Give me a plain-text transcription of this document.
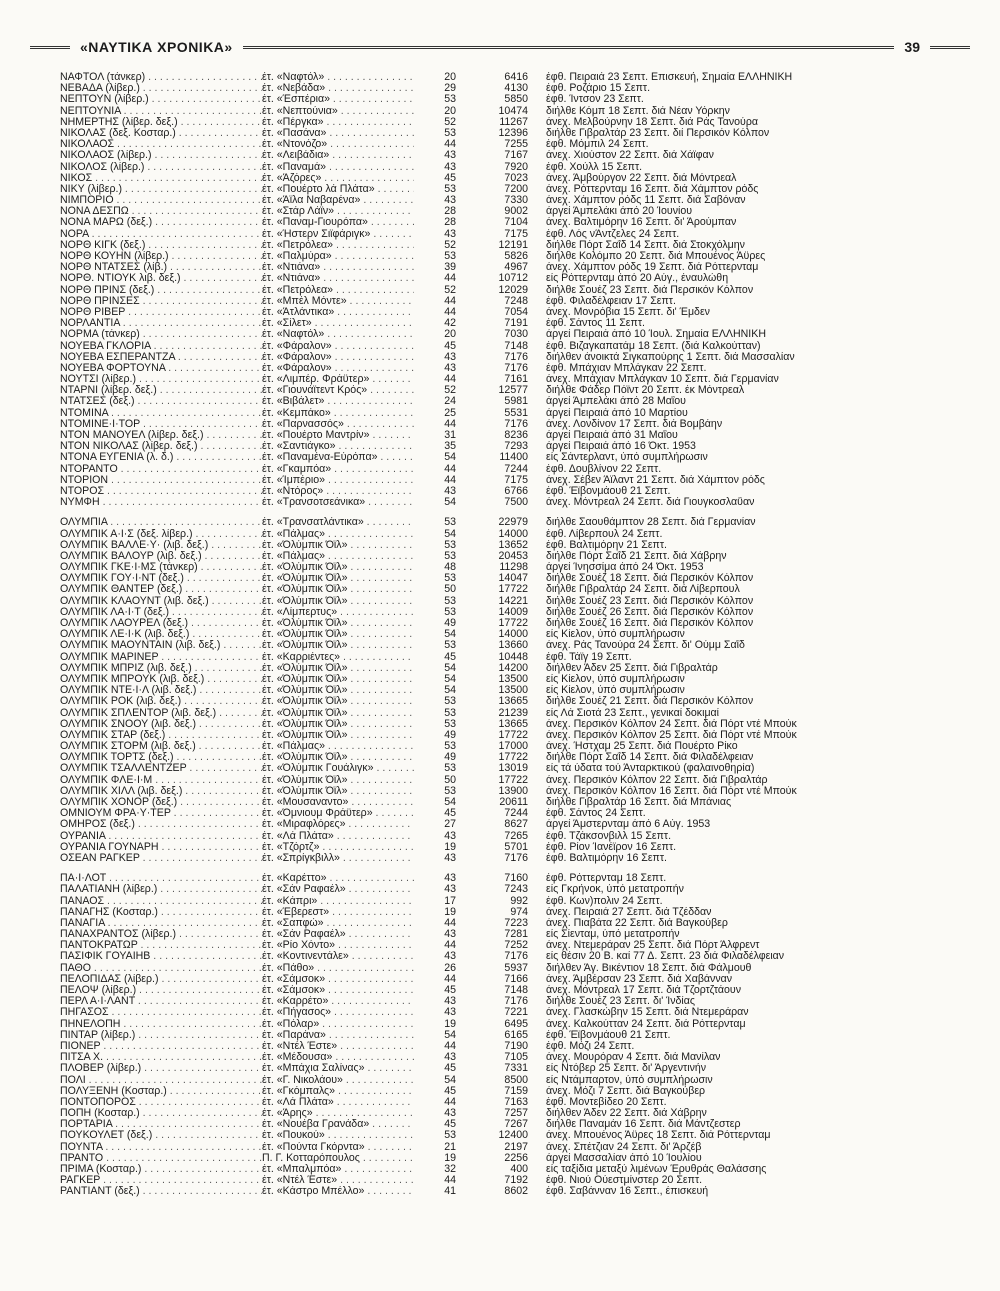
«ΝΑΥΤΙΚΑ ΧΡΟΝΙΚΑ»	39
ΝΑΦΤΟΛ (τάνκερ) . . .	έτ. «Ναφτόλ» . . .	20	6416	έφθ. Πειραιά 23 Σεπτ. Επισκευή, Σημαία ΕΛΛΗΝΙΚΗ
ΝΕΒΑΔΑ (λίβερ.) . . .	έτ. «Νεβάδα» . . .	29	4130	έφθ. Ροζάριο 15 Σεπτ.
ΝΕΠΤΟΥΝ (λίβερ.) . . .	έτ. «Έσπέρια» . . .	53	5850	έφθ. Ίντσον 23 Σεπτ.
ΝΕΠΤΟΥΝΙΑ . . .	έτ. «Νεπτούνια» . . .	20	10474	διήλθε Κόμπ 18 Σεπτ. διά Νέαν Υόρκην
ΝΗΜΕΡΤΗΣ (λίβερ. δεξ.) . . .	έτ. «Πέργκα» . . .	52	11267	άνεχ. Μελβούρνην 18 Σεπτ. διά Ράς Τανούρα
ΝΙΚΟΛΑΣ (δεξ. Κοσταρ.) . . .	έτ. «Πασάνα» . . .	53	12396	διήλθε Γιβραλτάρ 23 Σεπτ. διί Περσικόν Κόλπον
ΝΙΚΟΛΑΟΣ . . .	έτ. «Ντονόζο» . . .	44	7255	έφθ. Μόμπιλ 24 Σεπτ.
ΝΙΚΟΛΑΟΣ (λίβερ.) . . .	έτ. «Λειβάδια» . . .	43	7167	άνεχ. Χιούστον 22 Σεπτ. διά Χάϊφαν
ΝΙΚΟΛΟΣ (λίβερ.) . . .	έτ. «Παναμά» . . .	43	7920	έφθ. Χούλλ 15 Σεπτ.
ΝΙΚΟΣ . . .	έτ. «Άζόρες» . . .	45	7023	άνεχ. Άμβούργον 22 Σεπτ. διά Μόντρεαλ
ΝΙΚΥ (λίβερ.) . . .	έτ. «Πουέρτο λά Πλάτα» . . .	53	7200	άνεχ. Ρόττερνταμ 16 Σεπτ. διά Χάμπτον ρόδς
ΝΙΜΠΟΡΙΟ . . .	έτ. «Άϊλα Ναβαρένα» . . .	43	7330	άνεχ. Χάμπτον ρόδς 11 Σεπτ. διά Σαβόναν
ΝΟΝΑ ΔΕΣΠΩ . . .	έτ. «Στάρ Λάϊν» . . .	28	9002	άργεί Άμπελάκι άπό 20 Ίουνίου
ΝΟΝΑ ΜΑΡΩ (δεξ.) . . .	έτ. «Παναμ-Γιουρόπα» . . .	28	7104	άνεχ. Βαλτιμόρην 16 Σεπτ. δι' Άρούμπαν
ΝΟΡΑ . . .	έτ. «Ήστερν Σιϊφάριγκ» . . .	43	7175	έφθ. Λός νΆντζελες 24 Σεπτ.
ΝΟΡΘ ΚΙΓΚ (δεξ.) . . .	έτ. «Πετρόλεα» . . .	52	12191	διήλθε Πόρτ Σαΐδ 14 Σεπτ. διά Στοκχόλμην
ΝΟΡΘ ΚΟΥΗΝ (λίβερ.) . . .	έτ. «Παλμύρα» . . .	53	5826	διήλθε Κολόμπο 20 Σεπτ. διά Μπουένος Άϋρες
ΝΟΡΘ ΝΤΑΤΣΕΣ (λίβ.) . . .	έτ. «Ντιάνα» . . .	39	4967	άνεχ. Χάμπτον ρόδς 19 Σεπτ. διά Ρόττερνταμ
ΝΟΡΘ. ΝΤΙΟΥΚ λιβ. δεξ.) . . .	έτ. «Ντιάνα» . . .	44	10712	είς Ρόττερνταμ άπό 20 Αύγ., έναυλώθη
ΝΟΡΘ ΠΡΙΝΣ (δεξ.) . . .	έτ. «Πετρόλεα» . . .	52	12029	διήλθε Σουέζ 23 Σεπτ. διά Περσικόν Κόλπον
ΝΟΡΘ ΠΡΙΝΣΕΣ . . .	έτ. «Μπέλ Μόντε» . . .	44	7248	έφθ. Φιλαδέλφειαν 17 Σεπτ.
ΝΟΡΘ ΡΙΒΕΡ . . .	έτ. «Άτλάντικα» . . .	44	7054	άνεχ. Μονρόβια 15 Σεπτ. δι' Έμδεν
ΝΟΡΛΑΝΤΙΑ . . .	έτ. «Σίλετ» . . .	42	7191	έφθ. Σάντος 11 Σεπτ.
ΝΟΡΜΑ (τάνκερ) . . .	έτ. «Ναφτόλ» . . .	20	7030	άργεί Πειραιά άπό 10 Ίουλ. Σημαία ΕΛΛΗΝΙΚΗ
ΝΟΥΕΒΑ ΓΚΛΟΡΙΑ . . .	έτ. «Φάραλον» . . .	45	7148	έφθ. Βιζαγκαπατάμ 18 Σεπτ. (διά Καλκούτταν)
ΝΟΥΕΒΑ ΕΣΠΕΡΑΝΤΖΑ . . .	έτ. «Φάραλον» . . .	43	7176	διήλθεν άνοικτά Σιγκαπούρης 1 Σεπτ. διά Μασσαλίαν
ΝΟΥΕΒΑ ΦΟΡΤΟΥΝΑ . . .	έτ. «Φάραλον» . . .	43	7176	έφθ. Μπάχιαν Μπλάγκαν 22 Σεπτ.
ΝΟΥΤΣΙ (λίβερ.) . . .	έτ. «Λιμπέρ. Φράϋτερ» . . .	44	7161	άνεχ. Μπάχιαν Μπλάγκαν 10 Σεπτ. διά Γερμανίαν
ΝΤΑΡΝΙ (λίβερ. δεξ.) . . .	έτ. «Γιουνάϊτεντ Κρός» . . .	52	12577	διήλθε Φάδερ Πόϊντ 20 Σεπτ. έκ Μόντρεαλ
ΝΤΑΤΣΕΣ (δεξ.) . . .	έτ. «Βιβάλετ» . . .	24	5981	άργεί Άμπελάκι άπό 28 Μαΐου
ΝΤΟΜΙΝΑ . . .	έτ. «Κεμπάκο» . . .	25	5531	άργεί Πειραιά άπό 10 Μαρτίου
ΝΤΟΜΙΝΕ·Ι·ΤΟΡ . . .	έτ. «Παρνασσός» . . .	44	7176	άνεχ. Λονδίνον 17 Σεπτ. διά Βομβάην
ΝΤΟΝ ΜΑΝΟΥΕΛ (λίβερ. δεξ.) . . .	έτ. «Πουέρτο Μαντρίν» . . .	31	8236	άργεί Πειραιά άπό 31 Μαΐου
ΝΤΟΝ ΝΙΚΟΛΑΣ (λίβερ. δεξ.) . . .	έτ. «Σαντιάγκο» . . .	35	7293	άργεί Πειραιά άπό 16 Όκτ. 1953
ΝΤΟΝΑ ΕΥΓΕΝΙΑ (λ. δ.) . . .	έτ. «Παναμένα-Εύρόπα» . . .	54	11400	είς Σάντερλαντ, ύπό συμπλήρωσιν
ΝΤΟΡΑΝΤΟ . . .	έτ. «Γκαμπόα» . . .	44	7244	έφθ. Δουβλίνον 22 Σεπτ.
ΝΤΟΡΙΟΝ . . .	έτ. «Ίμπέριο» . . .	44	7175	άνεχ. Σέβεν Άϊλαντ 21 Σεπτ. διά Χάμπτον ρόδς
ΝΤΟΡΟΣ . . .	έτ. «Ντόρος» . . .	43	6766	έφθ. Έϊβονμάουθ 21 Σεπτ.
ΝΥΜΦΗ . . .	έτ. «Τρανσοτσεάνικα» . . .	54	7500	άνεχ. Μόντρεαλ 24 Σεπτ. διά Γιουγκοσλαΰαν
ΟΛΥΜΠΙΑ . . .	έτ. «Τρανσατλάντικα» . . .	53	22979	διήλθε Σαουθάμπτον 28 Σεπτ. διά Γερμανίαν
ΟΛΥΜΠΙΚ Α·Ι·Σ (δεξ. λίβερ.) . . .	έτ. «Πάλμας» . . .	54	14000	έφθ. Λίβερπουλ 24 Σεπτ.
ΟΛΥΜΠΙΚ ΒΑΛΛΕ·Υ· (λιβ. δεξ.) . . .	έτ. «Όλύμπικ Όϊλ» . . .	53	13652	έφθ. Βαλτιμόρην 21 Σεπτ.
ΟΛΥΜΠΙΚ ΒΑΛΟΥΡ (λιβ. δεξ.) . . .	έτ. «Πάλμας» . . .	53	20453	διήλθε Πόρτ Σαΐδ 21 Σεπτ. διά Χάβρην
ΟΛΥΜΠΙΚ ΓΚΕ·Ι·ΜΣ (τάνκερ) . . .	έτ. «Όλύμπικ Όϊλ» . . .	48	11298	άργεί Ίνησσίμα άπό 24 Όκτ. 1953
ΟΛΥΜΠΙΚ ΓΟΥ·Ι·ΝΤ (δεξ.) . . .	έτ. «Όλύμπικ Όϊλ» . . .	53	14047	διήλθε Σουέζ 18 Σεπτ. διά Περσικόν Κόλπον
ΟΛΥΜΠΙΚ ΘΑΝΤΕΡ (δεξ.) . . .	έτ. «Όλύμπικ Όϊλ» . . .	50	17722	διήλθε Γιβραλτάρ 24 Σεπτ. διά Λίβερπουλ
ΟΛΥΜΠΙΚ ΚΛΑΟΥΝΤ (λιβ. δεξ.) . . .	έτ. «Όλύμπικ Όϊλ» . . .	53	14221	διήλθε Σουέζ 23 Σεπτ. διά Περσικόν Κόλπον
ΟΛΥΜΠΙΚ ΛΑ·Ι·Τ (δεξ.) . . .	έτ. «Λίμπερτυς» . . .	53	14009	διήλθε Σουέζ 26 Σεπτ. διά Περσικόν Κόλπον
ΟΛΥΜΠΙΚ ΛΑΟΥΡΕΛ (δεξ.) . . .	έτ. «Όλύμπικ Όϊλ» . . .	49	17722	διήλθε Σουέζ 16 Σεπτ. διά Περσικόν Κόλπον
ΟΛΥΜΠΙΚ ΛΕ·Ι·Κ (λιβ. δεξ.) . . .	έτ. «Όλύμπικ Όϊλ» . . .	54	14000	είς Κίελον, ύπό συμπλήρωσιν
ΟΛΥΜΠΙΚ ΜΑΟΥΝΤΑΙΝ (λιβ. δεξ.) . . .	έτ. «Όλύμπικ Όϊλ» . . .	53	13660	άνεχ. Ράς Τανούρα 24 Σεπτ. δι' Ούμμ Σαΐδ
ΟΛΥΜΠΙΚ ΜΑΡΙΝΕΡ . . .	έτ. «Καρριέντες» . . .	45	10448	έφθ. Τάϊγ 19 Σεπτ.
ΟΛΥΜΠΙΚ ΜΠΡΙΖ (λιβ. δεξ.) . . .	έτ. «Όλύμπικ Όϊλ» . . .	54	14200	διήλθεν Άδεν 25 Σεπτ. διά Γιβραλτάρ
ΟΛΥΜΠΙΚ ΜΠΡΟΥΚ (λιβ. δεξ.) . . .	έτ. «Όλύμπικ Όϊλ» . . .	54	13500	είς Κίελον, ύπό συμπλήρωσιν
ΟΛΥΜΠΙΚ ΝΤΕ·Ι·Λ (λιβ. δεξ.) . . .	έτ. «Όλύμπικ Όϊλ» . . .	54	13500	είς Κίελον, ύπό συμπλήρωσιν
ΟΛΥΜΠΙΚ ΡΟΚ (λιβ. δεξ.) . . .	έτ. «Όλύμπικ Όϊλ» . . .	53	13665	διήλθε Σουέζ 21 Σεπτ. διά Περσικόν Κόλπον
ΟΛΥΜΠΙΚ ΣΠΛΕΝΤΟΡ (λιβ. δεξ.) . . .	έτ. «Όλύμπικ Όϊλ» . . .	53	21239	είς Λά Σιοτά 23 Σεπτ., γενικαί δοκιμαί
ΟΛΥΜΠΙΚ ΣΝΟΟΥ (λιβ. δεξ.) . . .	έτ. «Όλύμπικ Όϊλ» . . .	53	13665	άνεχ. Περσικόν Κόλπον 24 Σεπτ. διά Πόρτ ντέ Μπούκ
ΟΛΥΜΠΙΚ ΣΤΑΡ (δεξ.) . . .	έτ. «Όλύμπικ Όϊλ» . . .	49	17722	άνεχ. Περσικόν Κόλπον 25 Σεπτ. διά Πόρτ ντέ Μπούκ
ΟΛΥΜΠΙΚ ΣΤΟΡΜ (λιβ. δεξ.) . . .	έτ. «Πάλμας» . . .	53	17000	άνεχ. Ήστχαμ 25 Σεπτ. διά Πουέρτο Ρίκο
ΟΛΥΜΠΙΚ ΤΟΡΤΣ (δεξ.) . . .	έτ. «Όλύμπικ Όϊλ» . . .	49	17722	διήλθε Πόρτ Σαΐδ 14 Σεπτ. διά Φιλαδέλφειαν
ΟΛΥΜΠΙΚ ΤΣΑΛΛΕΝΤΖΕΡ . . .	έτ. «Όλύμπικ Γουάλιγκ» . . .	53	13019	είς τά ύδατα τού Άνταρκτικού (φαλαινοθηρία)
ΟΛΥΜΠΙΚ ΦΛΕ·Ι·Μ . . .	έτ. «Όλύμπικ Όϊλ» . . .	50	17722	άνεχ. Περσικόν Κόλπον 22 Σεπτ. διά Γιβραλτάρ
ΟΛΥΜΠΙΚ ΧΙΛΛ (λιβ. δεξ.) . . .	έτ. «Όλύμπικ Όϊλ» . . .	53	13900	άνεχ. Περσικόν Κόλπον 16 Σεπτ. διά Πόρτ ντέ Μπούκ
ΟΛΥΜΠΙΚ ΧΟΝΟΡ (δεξ.) . . .	έτ. «Μουσαναντο» . . .	54	20611	διήλθε Γιβραλτάρ 16 Σεπτ. διά Μπάνιας
ΟΜΝΙΟΥΜ ΦΡΑ·Υ·ΤΕΡ . . .	έτ. «Όμνιουμ Φράϋτερ» . . .	45	7244	έφθ. Σάντος 24 Σεπτ.
ΟΜΗΡΟΣ (δεξ.) . . .	έτ. «Μιραφλόρες» . . .	27	8627	άργεί Άμστερνταμ άπό 6 Αύγ. 1953
ΟΥΡΑΝΙΑ . . .	έτ. «Λά Πλάτα» . . .	43	7265	έφθ. Τζάκσονβιλλ 15 Σεπτ.
ΟΥΡΑΝΙΑ ΓΟΥΝΑΡΗ . . .	έτ. «Τζόρτζ» . . .	19	5701	έφθ. Ρίον Ίανέϊρον 16 Σεπτ.
ΟΣΕΑΝ ΡΑΓΚΕΡ . . .	έτ. «Σπρίγκβιλλ» . . .	43	7176	έφθ. Βαλτιμόρην 16 Σεπτ.
ΠΑ·Ι·ΛΟΤ . . .	έτ. «Καρέττο» . . .	43	7160	έφθ. Ρόττερνταμ 18 Σεπτ.
ΠΑΛΑΤΙΑΝΗ (λίβερ.) . . .	έτ. «Σάν Ραφαέλ» . . .	43	7243	είς Γκρήνοκ, ύπό μετατροπήν
ΠΑΝΑΟΣ . . .	έτ. «Κάπρι» . . .	17	992	έφθ. Κων)πολιν 24 Σεπτ.
ΠΑΝΑΓΗΣ (Κοσταρ.) . . .	έτ. «Έβερεστ» . . .	19	974	άνεχ. Πειραιά 27 Σεπτ. διά Τζέδδαν
ΠΑΝΑΓΙΑ . . .	έτ. «Σαπφώ» . . .	44	7223	άνεχ. Πιαβάτα 22 Σεπτ. διά Βαγκούβερ
ΠΑΝΑΧΡΑΝΤΟΣ (λίβερ.) . . .	έτ. «Σάν Ραφαέλ» . . .	43	7281	είς Σίενταμ, ύπό μετατροπήν
ΠΑΝΤΟΚΡΑΤΩΡ . . .	έτ. «Ρίο Χόντο» . . .	44	7252	άνεχ. Ντεμεράραν 25 Σεπτ. διά Πόρτ Άλφρεντ
ΠΑΣΙΦΙΚ ΓΟΥΑΙΗΒ . . .	έτ. «Κοντινεντάλε» . . .	43	7176	είς θέσιν 20 Β. καί 77 Δ. Σεπτ. 23 διά Φιλαδέλφειαν
ΠΑΘΟ . . .	έτ. «Πάθο» . . .	26	5937	διήλθεν Άγ. Βικέντιον 18 Σεπτ. διά Φάλμουθ
ΠΕΛΟΠΙΔΑΣ (λίβερ.) . . .	έτ. «Σάμσοκ» . . .	44	7166	άνεχ. Άμβέρσαν 23 Σεπτ. διά Χαβάνναν
ΠΕΛΟΨ (λίβερ.) . . .	έτ. «Σάμσοκ» . . .	45	7148	άνεχ. Μόντρεαλ 17 Σεπτ. διά Τζορτζτάουν
ΠΕΡΛ Α·Ι·ΛΑΝΤ . . .	έτ. «Καρρέτο» . . .	43	7176	διήλθε Σουέζ 23 Σεπτ. δι' Ίνδίας
ΠΗΓΑΣΟΣ . . .	έτ. «Πήγασος» . . .	43	7221	άνεχ. Γλασκώβην 15 Σεπτ. διά Ντεμεράραν
ΠΗΝΕΛΟΠΗ . . .	έτ. «Πόλαρ» . . .	19	6495	άνεχ. Καλκούτταν 24 Σεπτ. διά Ρόττερνταμ
ΠΙΝΤΑΡ (λίβερ.) . . .	έτ. «Παράνα» . . .	54	6165	έφθ. Έϊβονμάουθ 21 Σεπτ.
ΠΙΟΝΕΡ . . .	έτ. «Ντέλ Έστε» . . .	44	7190	έφθ. Μόζι 24 Σεπτ.
ΠΙΤΣΑ Χ. . . .	έτ. «Μέδουσα» . . .	43	7105	άνεχ. Μουρόραν 4 Σεπτ. διά Μανίλαν
ΠΛΟΒΕΡ (λίβερ.) . . .	έτ. «Μπάχια Σαλίνας» . . .	45	7331	είς Ντόβερ 25 Σεπτ. δι' Άργεντινήν
ΠΟΛΙ . . .	έτ. «Γ. Νικολάου» . . .	54	8500	είς Ντάμπαρτον, ύπό συμπλήρωσιν
ΠΟΛΥΞΕΝΗ (Κοσταρ.) . . .	έτ. «Γκόμπαλς» . . .	45	7159	άνεχ. Μόζι 7 Σεπτ. διά Βαγκούβερ
ΠΟΝΤΟΠΟΡΟΣ . . .	έτ. «Λά Πλάτα» . . .	44	7163	έφθ. Μοντεβίδεο 20 Σεπτ.
ΠΟΠΗ (Κοσταρ.) . . .	έτ. «Άρης» . . .	43	7257	διήλθεν Άδεν 22 Σεπτ. διά Χάβρην
ΠΟΡΤΑΡΙΑ . . .	έτ. «Νουέβα Γρανάδα» . . .	45	7267	διήλθε Παναμάν 16 Σεπτ. διά Μάντζεστερ
ΠΟΥΚΟΥΛΕΤ (δεξ.) . . .	έτ. «Πουκού» . . .	53	12400	άνεχ. Μπουένος Άϋρες 18 Σεπτ. διά Ρόττερνταμ
ΠΟΥΝΤΑ . . .	έτ. «Πούντα Γκόρντα» . . .	21	2197	άνεχ. Σπέτζιαν 24 Σεπτ. δι' Άρζέβ
ΠΡΑΝΤΟ . . .	Π. Γ. Κοτταρόπουλος . . .	19	2256	άργεί Μασσαλίαν άπό 10 Ίουλίου
ΠΡΙΜΑ (Κοσταρ.) . . .	έτ. «Μπαλμπόα» . . .	32	400	είς ταξίδια μεταξύ λιμένων Έρυθράς Θαλάσσης
ΡΑΓΚΕΡ . . .	έτ. «Ντέλ Έστε» . . .	44	7192	έφθ. Νιού Ούεστμίνστερ 20 Σεπτ.
ΡΑΝΤΙΑΝΤ (δεξ.) . . .	έτ. «Κάστρο Μπέλλο» . . .	41	8602	έφθ. Σαβάνναν 16 Σεπτ., έπισκευή
